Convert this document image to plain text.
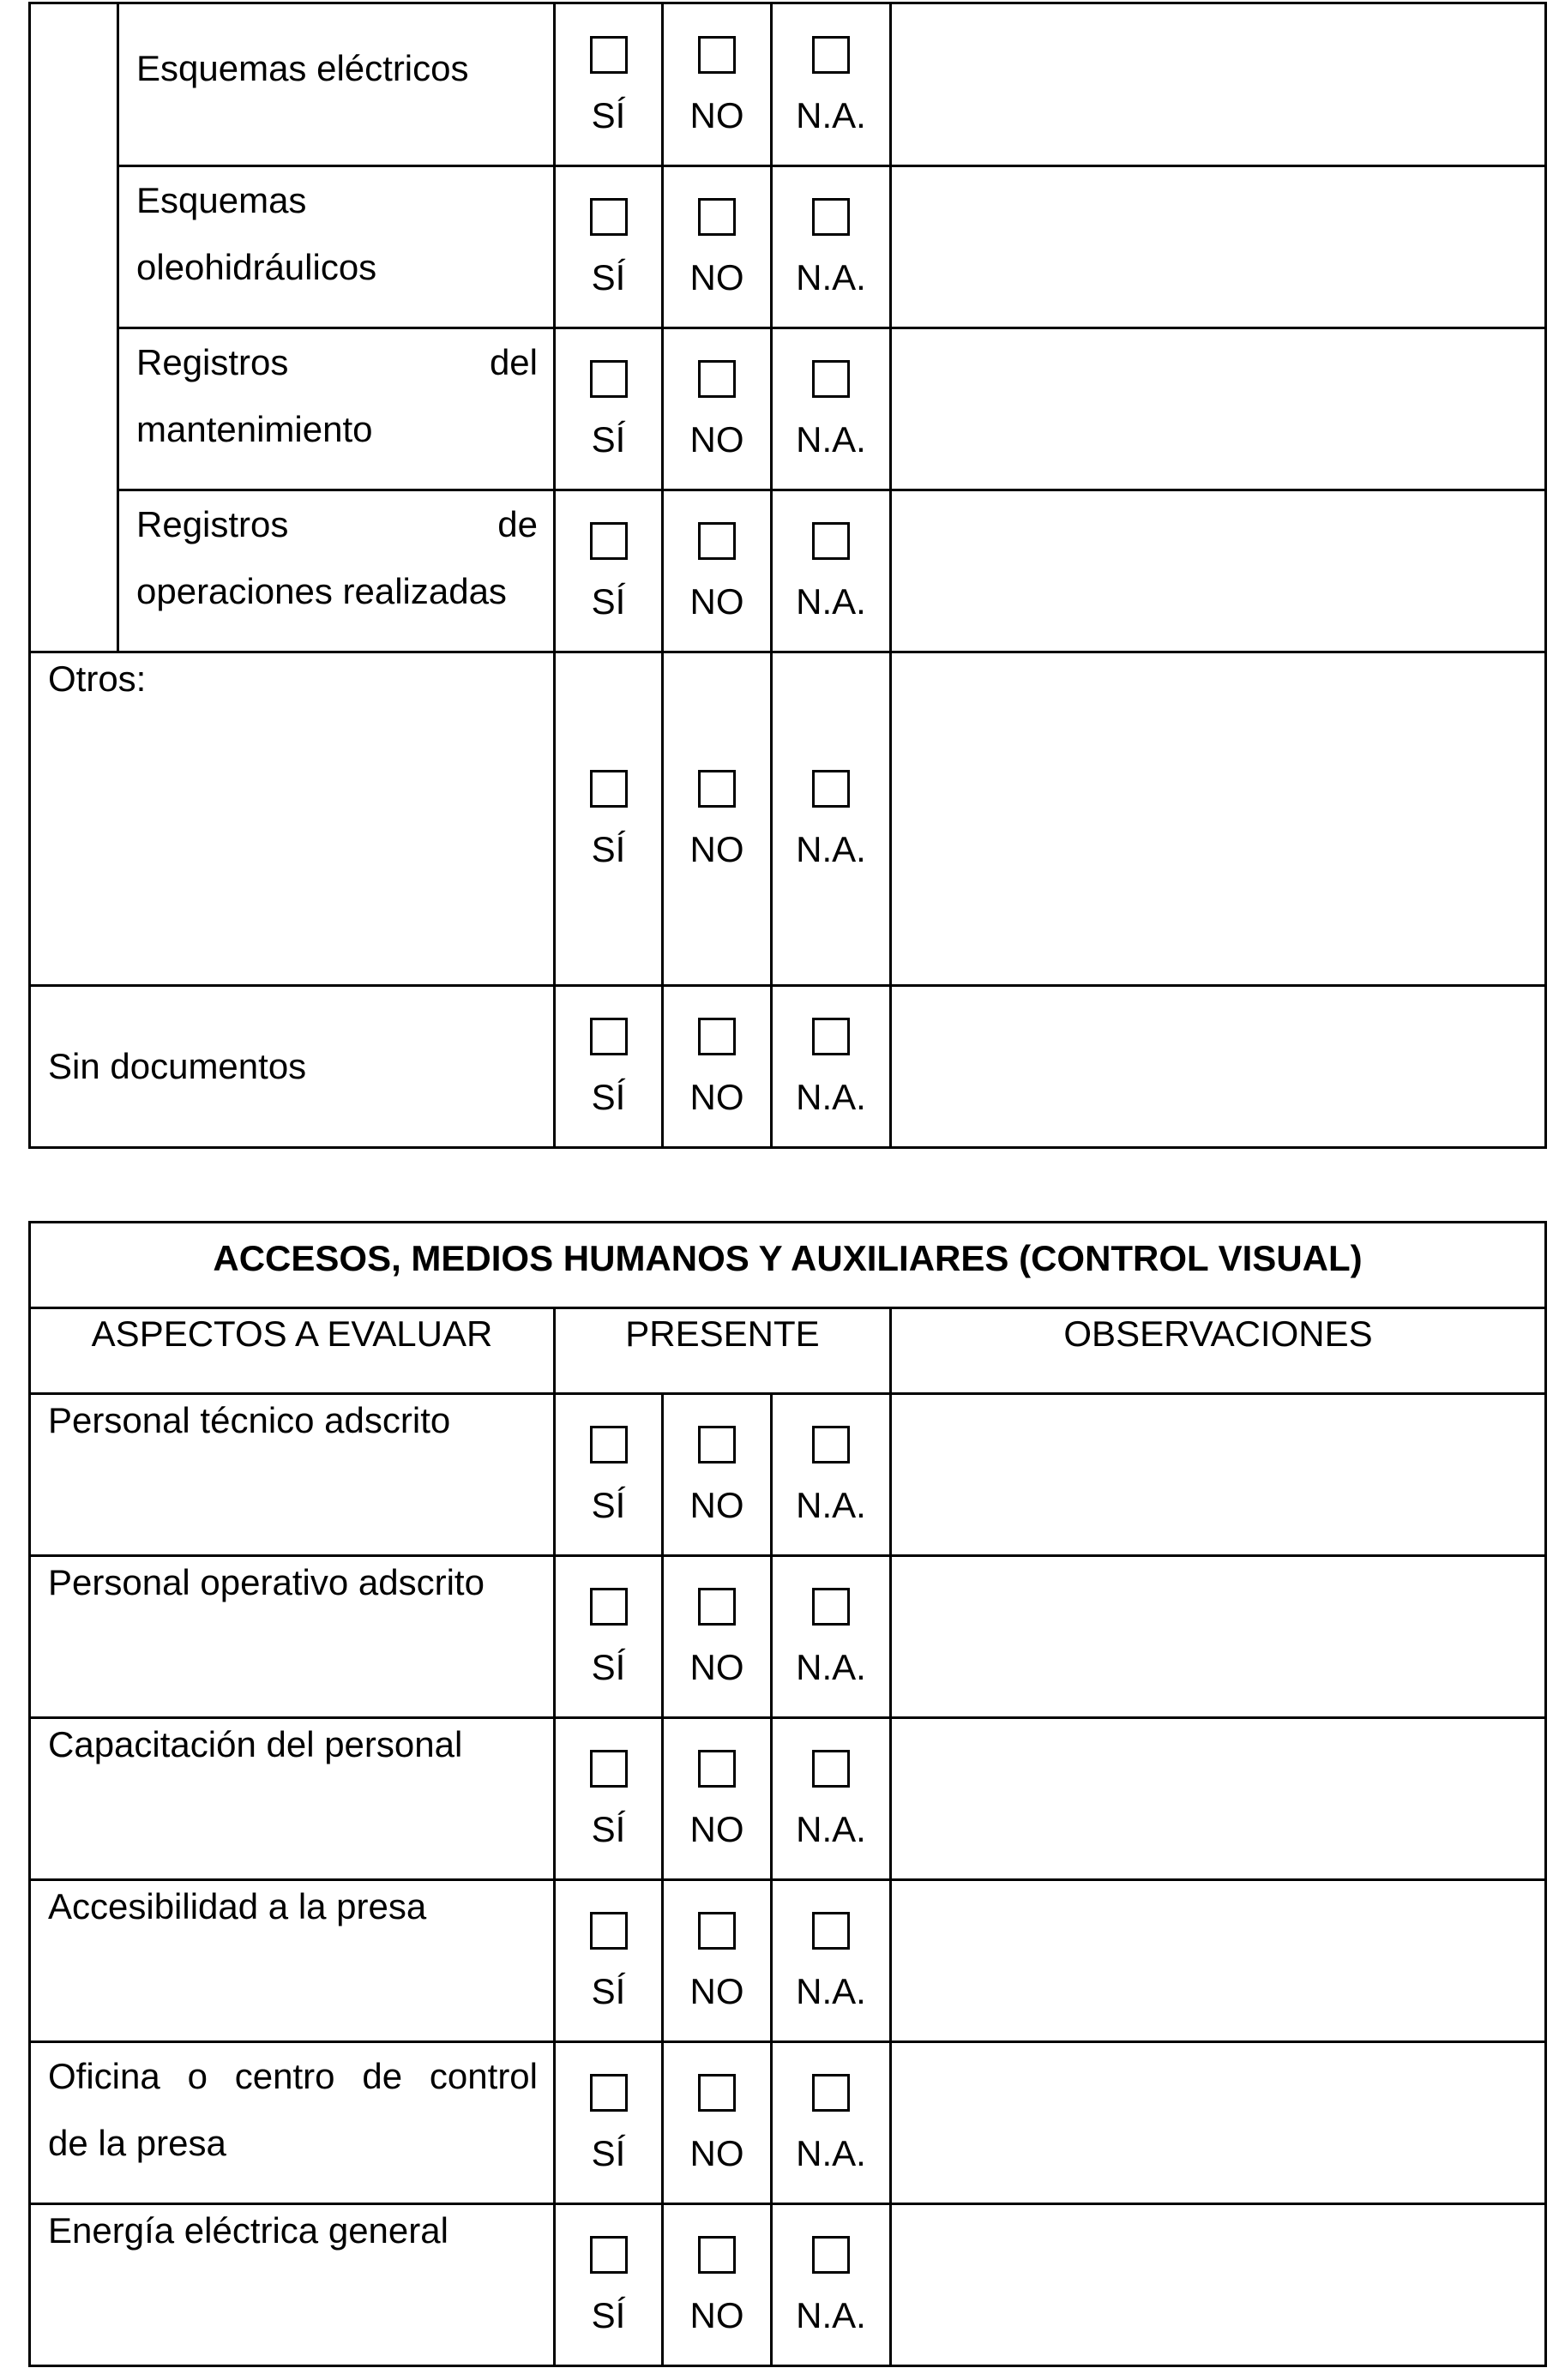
	Esquemas eléctricos	SÍ	NO	N.A.	

	Esquemas
oleohidráulicos	SÍ	NO	N.A.	

	Registros del
mantenimiento	SÍ	NO	N.A.	

	Registros de
operaciones realizadas	SÍ	NO	N.A.	

Otros:		SÍ	NO	N.A.	

Sin documentos		SÍ	NO	N.A.	

ACCESOS, MEDIOS HUMANOS Y AUXILIARES (CONTROL VISUAL)				

ASPECTOS A EVALUAR	PRESENTE			OBSERVACIONES

Personal técnico adscrito	SÍ	NO	N.A.	

Personal operativo adscrito	SÍ	NO	N.A.	

Capacitación del personal	SÍ	NO	N.A.	

Accesibilidad a la presa	SÍ	NO	N.A.	

Oficina o centro de control
de la presa	SÍ	NO	N.A.	

Energía eléctrica general	SÍ	NO	N.A.	
